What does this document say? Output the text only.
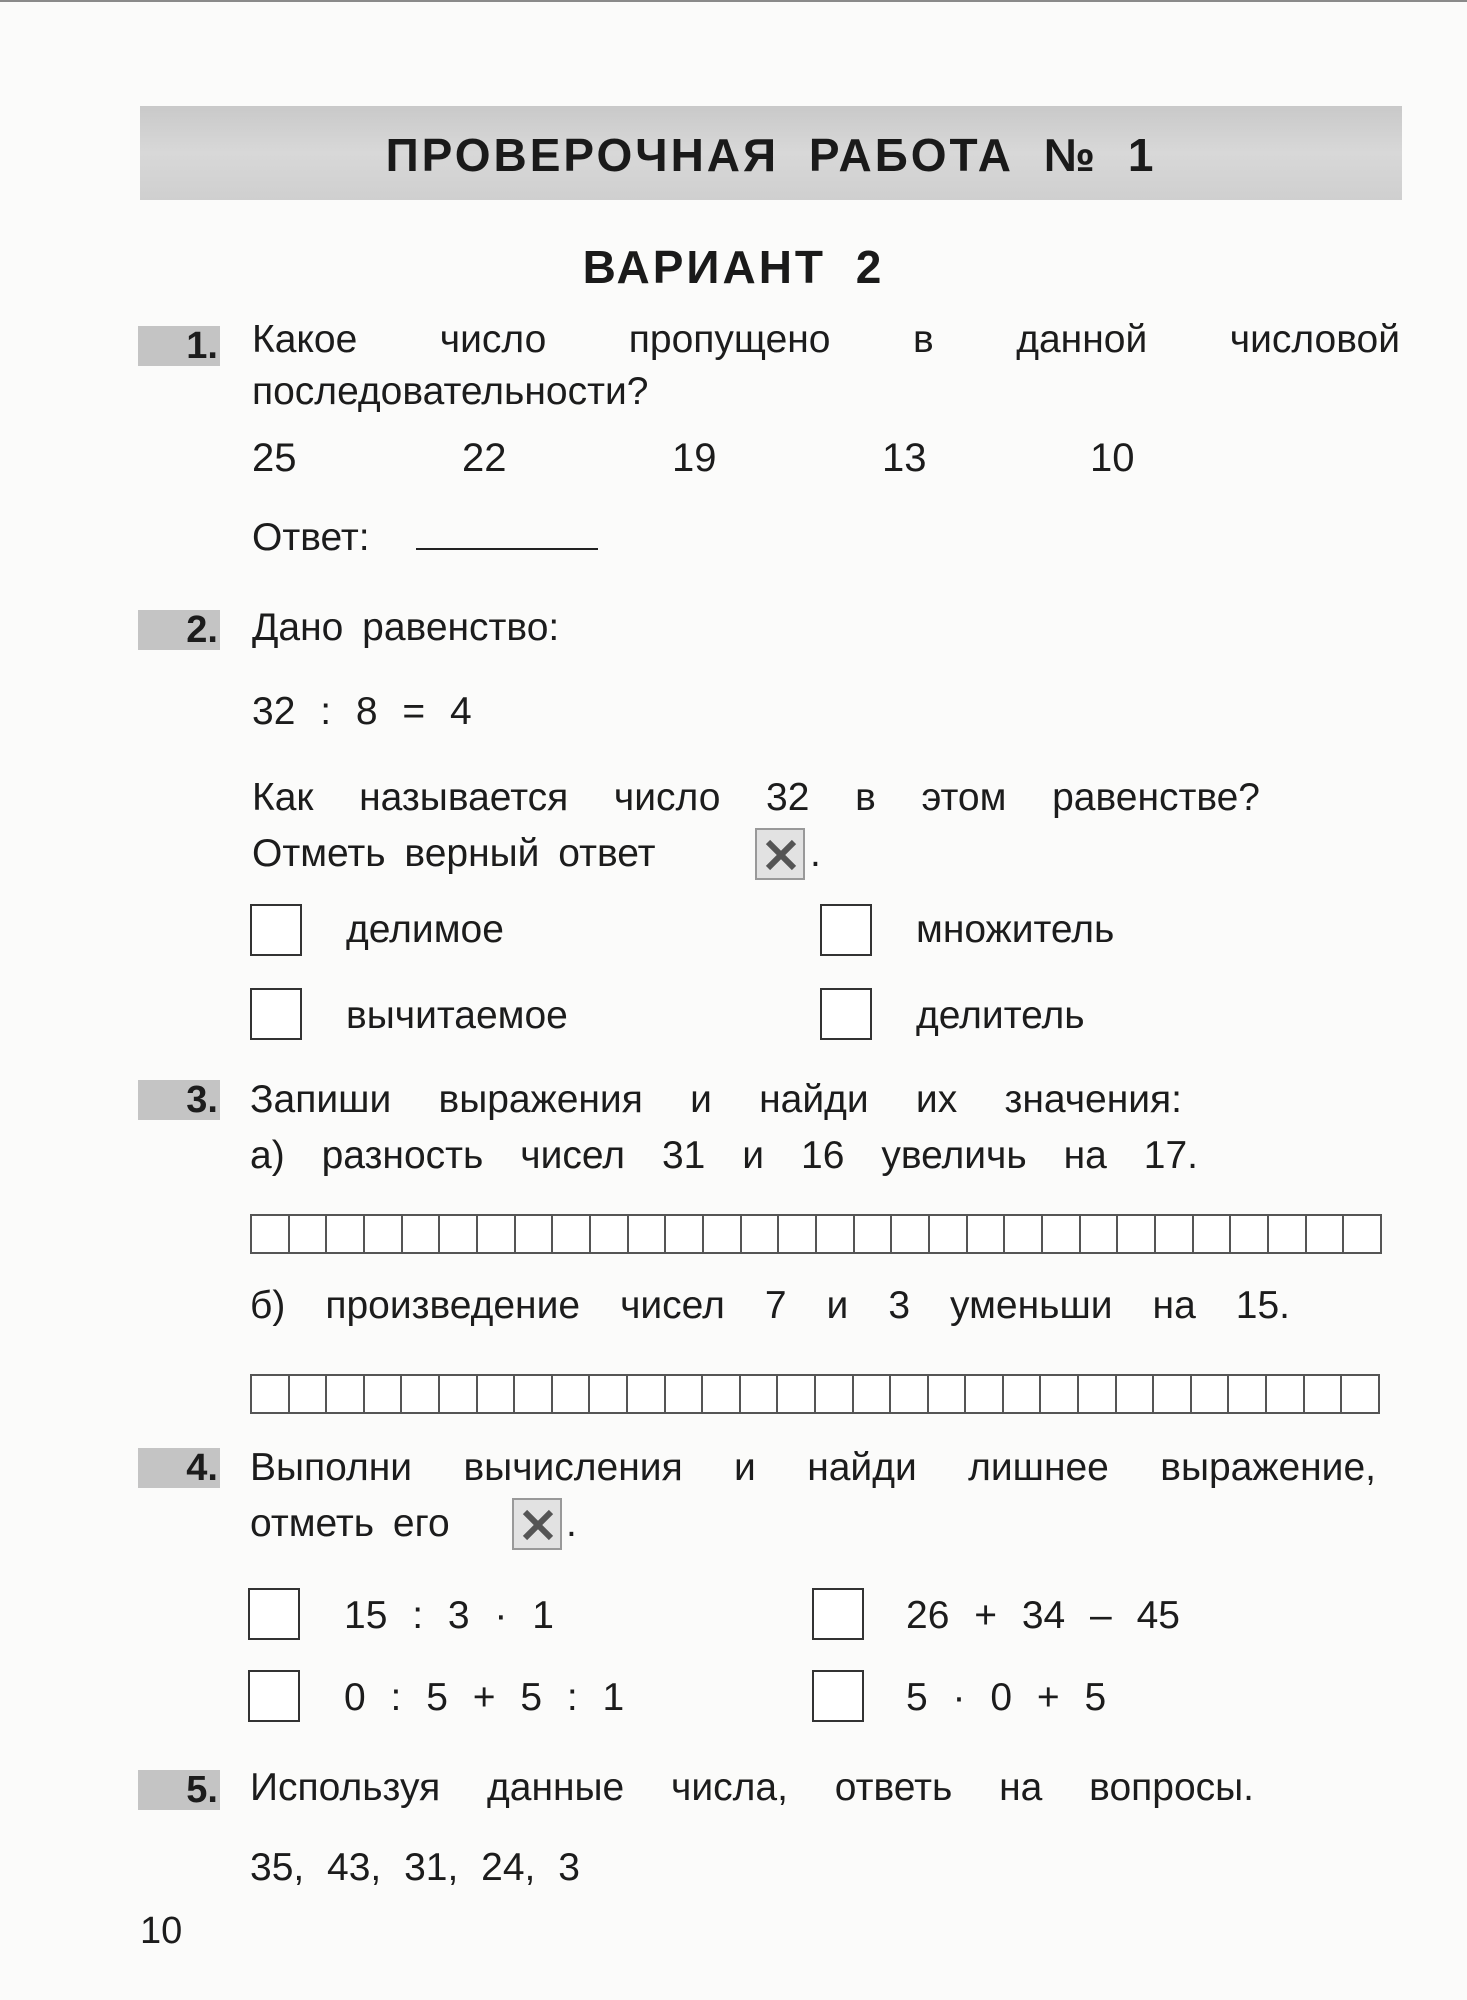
ПРОВЕРОЧНАЯ РАБОТА № 1
ВАРИАНТ 2
1. Какое число пропущено в данной числовой
последовательности?
25	22	19	13	10
Ответ:
2. Дано равенство:
32 : 8 = 4
Как называется число 32 в этом равенстве?
Отметь верный ответ	.
делимое	множитель
вычитаемое	делитель
3. Запиши выражения и найди их значения:
а) разность чисел 31 и 16 увеличь на 17.
б) произведение чисел 7 и 3 уменьши на 15.
4. Выполни вычисления и найди лишнее выражение,
отметь его	.
15 : 3 · 1	26 + 34 – 45
0 : 5 + 5 : 1	5 · 0 + 5
5. Используя данные числа, ответь на вопросы.
35, 43, 31, 24, 3
10
